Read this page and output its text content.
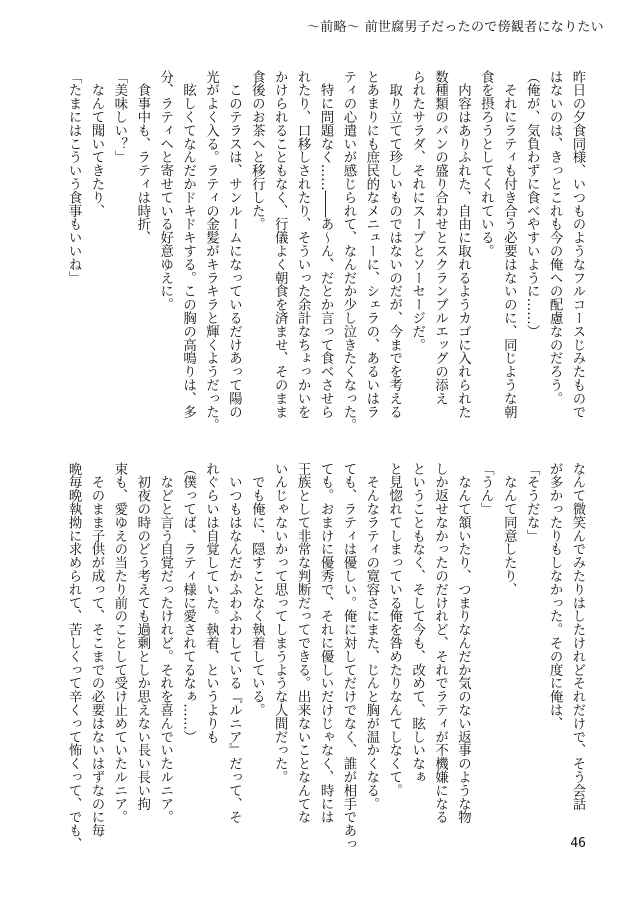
～前略～ 前世腐男子だったので傍観者になりたい
昨日の夕食同様、いつものようなフルコースじみたもので
はないのは、きっとこれも今の俺への配慮なのだろう。
（俺が、気負わずに食べやすいように……）
　それにラティも付き合う必要はないのに、同じような朝
食を摂ろうとしてくれている。
　内容はありふれた、自由に取れるようカゴに入れられた
数種類のパンの盛り合わせとスクランブルエッグの添え
られたサラダ、それにスープとソーセージだ。
　取り立てて珍しいものではないのだが、今までを考える
とあまりにも庶民的なメニューに、シェラの、あるいはラ
ティの心遣いが感じられて、なんだか少し泣きたくなった。
　特に問題なく……――あ～ん、だとか言って食べさせら
れたり、口移しされたり、そういった余計なちょっかいを
かけられることもなく、行儀よく朝食を済ませ、そのまま
食後のお茶へと移行した。
　このテラスは、サンルームになっているだけあって陽の
光がよく入る。ラティの金髪がキラキラと輝くようだった。
　眩しくてなんだかドキドキする。この胸の高鳴りは、多
分、ラティへと寄せている好意ゆえに。
　食事中も、ラティは時折、
「美味しい？」
　なんて聞いてきたり、
「たまにはこういう食事もいいね」
なんて微笑んでみたりはしたけれどそれだけで、そう会話
が多かったりもしなかった。その度に俺は、
「そうだな」
　なんて同意したり、
「うん」
　なんて頷いたり、つまりなんだか気のない返事のような物
しか返せなかったのだけれど、それでラティが不機嫌になる
ということもなく、そして今も、改めて、眩しいなぁ
と見惚れてしまっている俺を咎めたりなんてしなくて。
　そんなラティの寛容さにまた、じんと胸が温かくなる。
ても、ラティは優しい。俺に対してだけでなく、誰が相手であっ
ても。おまけに優秀で、それに優しいだけじゃなく、時には
王族として非常な判断だってできる。出来ないことなんてな
いんじゃないかって思ってしまうような人間だった。
　でも俺に、隠すことなく執着している。
　いつもはなんだかふわふわしている『ルニア』だって、そ
れぐらいは自覚していた。執着、というよりも
（僕ってば、ラティ様に愛されてるなぁ……）
　などと言う自覚だったけれど。それを喜んでいたルニア。
　初夜の時のどう考えても過剰としか思えない長い長い拘
束も、愛ゆえの当たり前のことして受け止めていたルニア。
　そのまま子供が成って、そこまでの必要はないはずなのに毎
晩毎晩執拗に求められて、苦しくって辛くって怖くって、でも、	46
